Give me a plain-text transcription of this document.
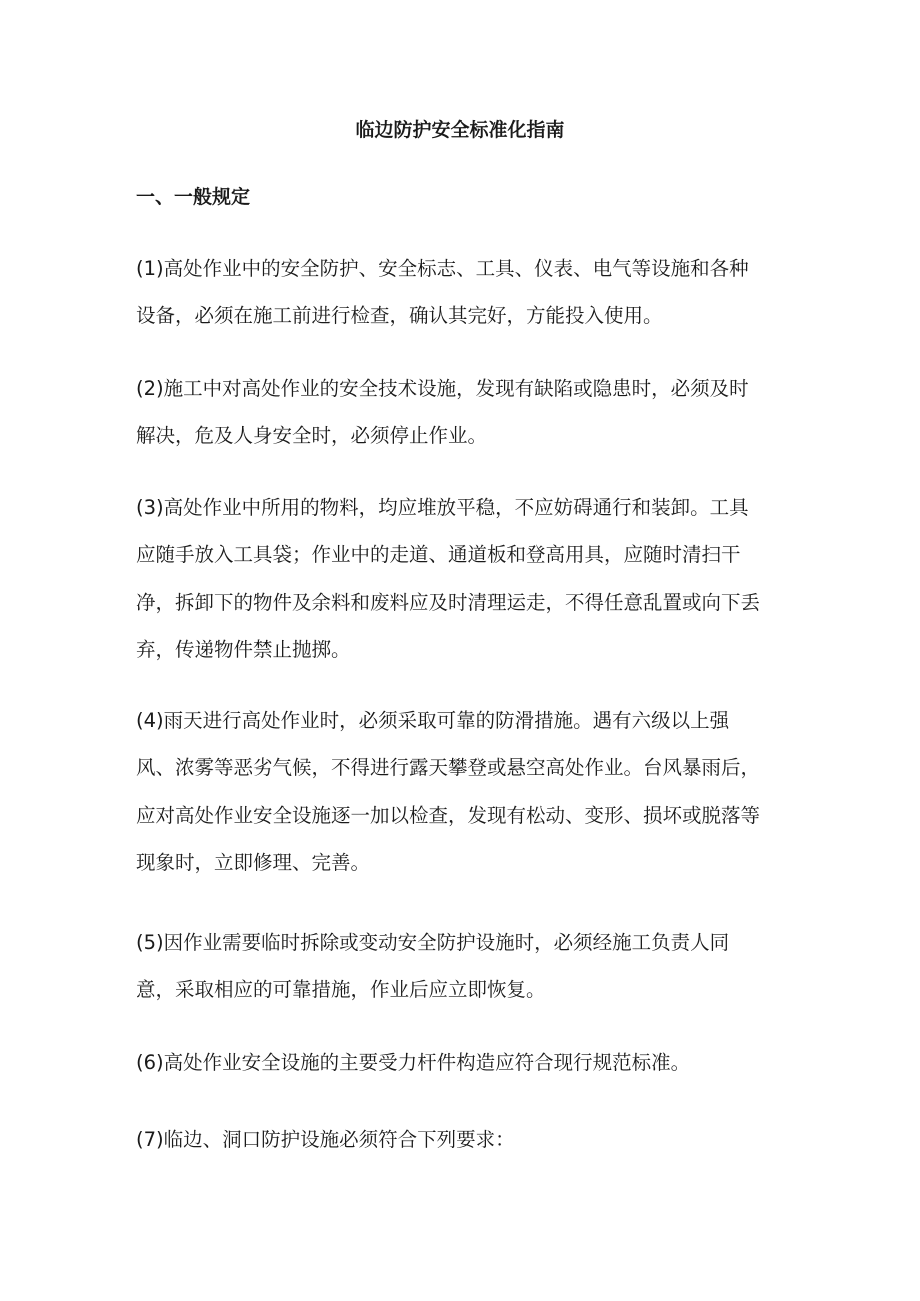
临边防护安全标准化指南
一、一般规定

(1)高处作业中的安全防护、安全标志、工具、仪表、电气等设施和各种
设备，必须在施工前进行检查，确认其完好，方能投入使用。

(2)施工中对高处作业的安全技术设施，发现有缺陷或隐患时，必须及时
解决，危及人身安全时，必须停止作业。

(3)高处作业中所用的物料，均应堆放平稳，不应妨碍通行和装卸。工具
应随手放入工具袋；作业中的走道、通道板和登高用具，应随时清扫干
净，拆卸下的物件及余料和废料应及时清理运走，不得任意乱置或向下丢
弃，传递物件禁止抛掷。

(4)雨天进行高处作业时，必须采取可靠的防滑措施。遇有六级以上强
风、浓雾等恶劣气候，不得进行露天攀登或悬空高处作业。台风暴雨后，
应对高处作业安全设施逐一加以检查，发现有松动、变形、损坏或脱落等
现象时，立即修理、完善。

(5)因作业需要临时拆除或变动安全防护设施时，必须经施工负责人同
意，采取相应的可靠措施，作业后应立即恢复。

(6)高处作业安全设施的主要受力杆件构造应符合现行规范标准。

(7)临边、洞口防护设施必须符合下列要求：
